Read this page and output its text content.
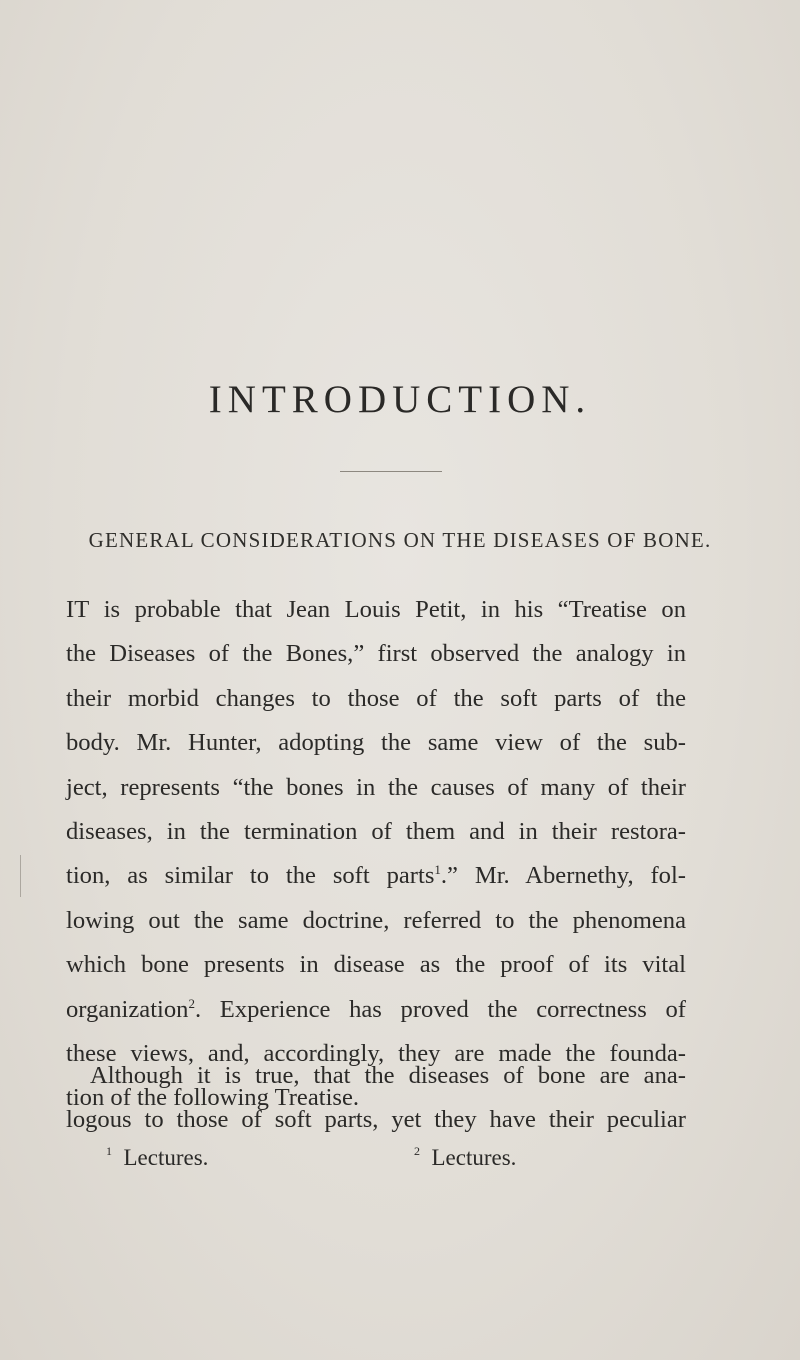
INTRODUCTION.
GENERAL CONSIDERATIONS ON THE DISEASES OF BONE.
IT is probable that Jean Louis Petit, in his “Treatise on
the Diseases of the Bones,” first observed the analogy in
their morbid changes to those of the soft parts of the
body. Mr. Hunter, adopting the same view of the sub-
ject, represents “the bones in the causes of many of their
diseases, in the termination of them and in their restora-
tion, as similar to the soft parts$^1$.” Mr. Abernethy, fol-
lowing out the same doctrine, referred to the phenomena
which bone presents in disease as the proof of its vital
organization$^2$. Experience has proved the correctness of
these views, and, accordingly, they are made the founda-
tion of the following Treatise.
Although it is true, that the diseases of bone are ana-
logous to those of soft parts, yet they have their peculiar
$^1$ Lectures.	$^2$ Lectures.
